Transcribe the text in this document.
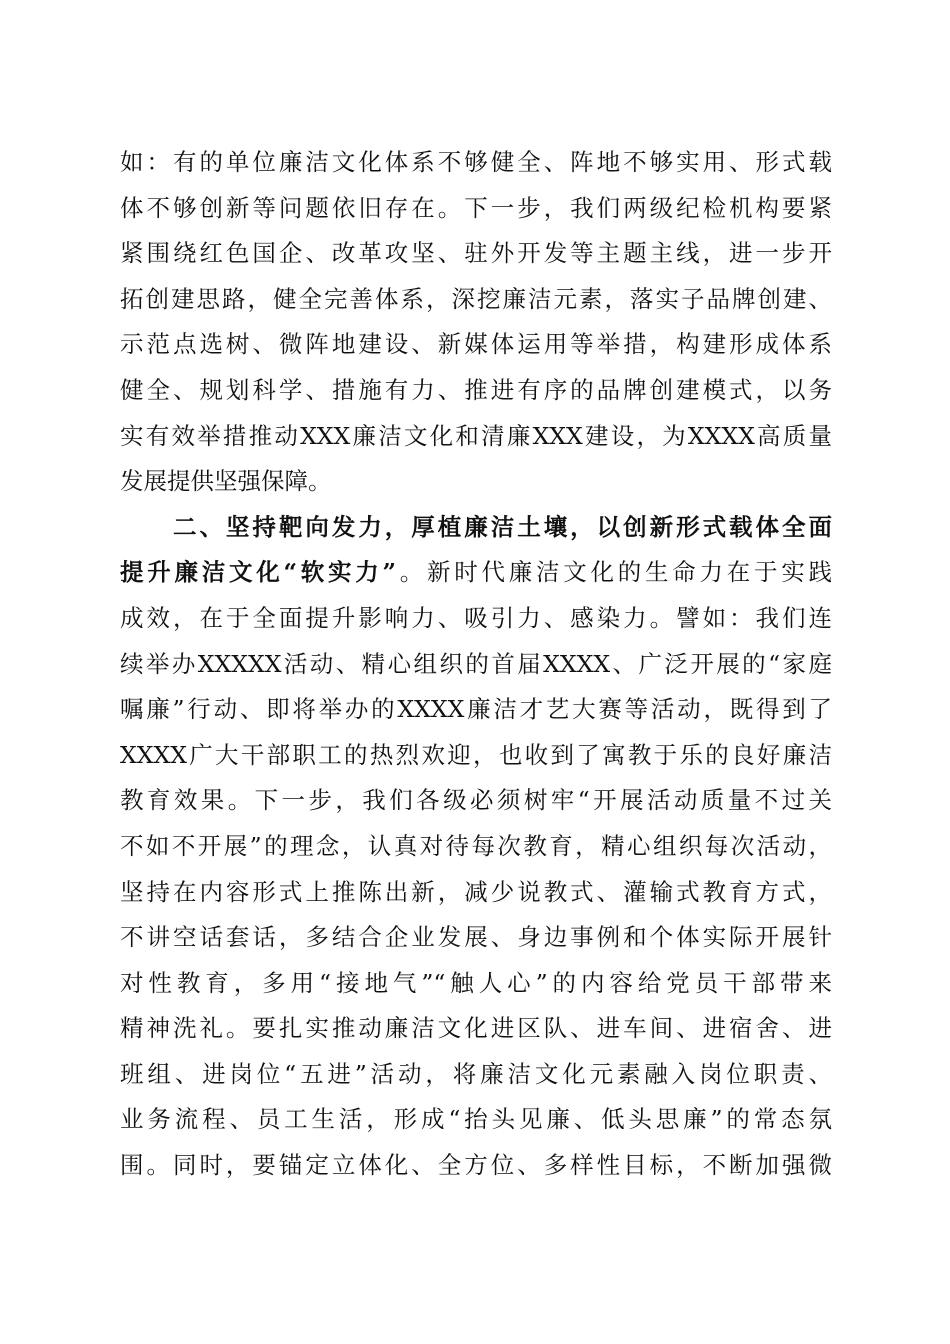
如：有的单位廉洁文化体系不够健全、阵地不够实用、形式载
体不够创新等问题依旧存在。下一步，我们两级纪检机构要紧
紧围绕红色国企、改革攻坚、驻外开发等主题主线，进一步开
拓创建思路，健全完善体系，深挖廉洁元素，落实子品牌创建、
示范点选树、微阵地建设、新媒体运用等举措，构建形成体系
健全、规划科学、措施有力、推进有序的品牌创建模式，以务
实有效举措推动XXX廉洁文化和清廉XXX建设，为XXXX高质量
发展提供坚强保障。
　　二、坚持靶向发力，厚植廉洁土壤，以创新形式载体全面
提升廉洁文化“软实力”。新时代廉洁文化的生命力在于实践
成效，在于全面提升影响力、吸引力、感染力。譬如：我们连
续举办XXXXX活动、精心组织的首届XXXX、广泛开展的“家庭
嘱廉”行动、即将举办的XXXX廉洁才艺大赛等活动，既得到了
XXXX广大干部职工的热烈欢迎，也收到了寓教于乐的良好廉洁
教育效果。下一步，我们各级必须树牢“开展活动质量不过关
不如不开展”的理念，认真对待每次教育，精心组织每次活动，
坚持在内容形式上推陈出新，减少说教式、灌输式教育方式，
不讲空话套话，多结合企业发展、身边事例和个体实际开展针
对性教育，多用“接地气”“触人心”的内容给党员干部带来
精神洗礼。要扎实推动廉洁文化进区队、进车间、进宿舍、进
班组、进岗位“五进”活动，将廉洁文化元素融入岗位职责、
业务流程、员工生活，形成“抬头见廉、低头思廉”的常态氛
围。同时，要锚定立体化、全方位、多样性目标，不断加强微
